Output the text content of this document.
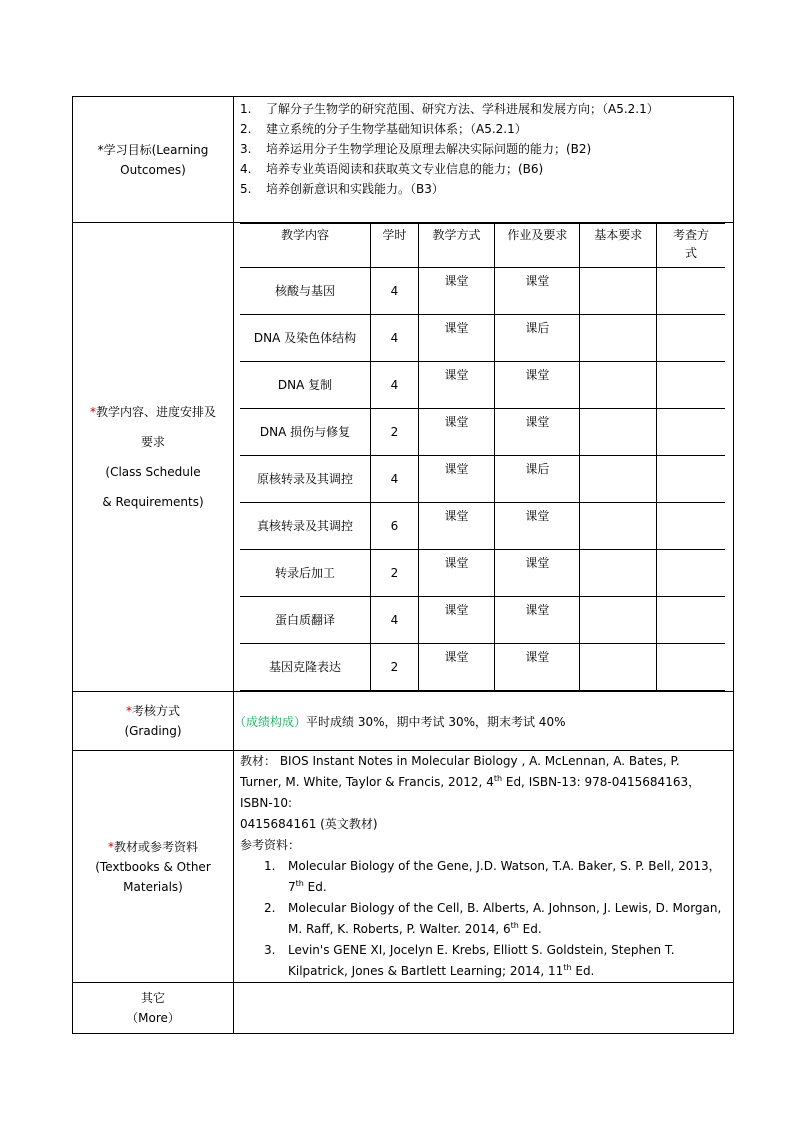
*学习目标(Learning
Outcomes)

1. 了解分子生物学的研究范围、研究方法、学科进展和发展方向；（A5.2.1）
2. 建立系统的分子生物学基础知识体系；（A5.2.1）
3. 培养运用分子生物学理论及原理去解决实际问题的能力；(B2)
4. 培养专业英语阅读和获取英文专业信息的能力；(B6)
5. 培养创新意识和实践能力。（B3）

*教学内容、进度安排及
要求
(Class Schedule
& Requirements)

教学内容	学时	教学方式	作业及要求	基本要求	考查方式
核酸与基因	4	课堂	课堂		
DNA 及染色体结构	4	课堂	课后		
DNA 复制	4	课堂	课堂		
DNA 损伤与修复	2	课堂	课堂		
原核转录及其调控	4	课堂	课后		
真核转录及其调控	6	课堂	课堂		
转录后加工	2	课堂	课堂		
蛋白质翻译	4	课堂	课堂		
基因克隆表达	2	课堂	课堂		

*考核方式
(Grading)
	（成绩构成）平时成绩 30%，期中考试 30%，期末考试 40%

*教材或参考资料
(Textbooks & Other
Materials)

教材： BIOS Instant Notes in Molecular Biology , A. McLennan, A. Bates, P.
Turner, M. White, Taylor & Francis, 2012, 4th Ed, ISBN-13: 978-0415684163，ISBN-10:
0415684161 (英文教材)
参考资料：
1. Molecular Biology of the Gene, J.D. Watson, T.A. Baker, S. P. Bell, 2013， 7th Ed.
2. Molecular Biology of the Cell, B. Alberts, A. Johnson, J. Lewis, D. Morgan, M. Raff, K. Roberts, P. Walter. 2014, 6th Ed.
3. Levin's GENE XI, Jocelyn E. Krebs, Elliott S. Goldstein, Stephen T. Kilpatrick, Jones & Bartlett Learning; 2014, 11th Ed.

其它
（More）
